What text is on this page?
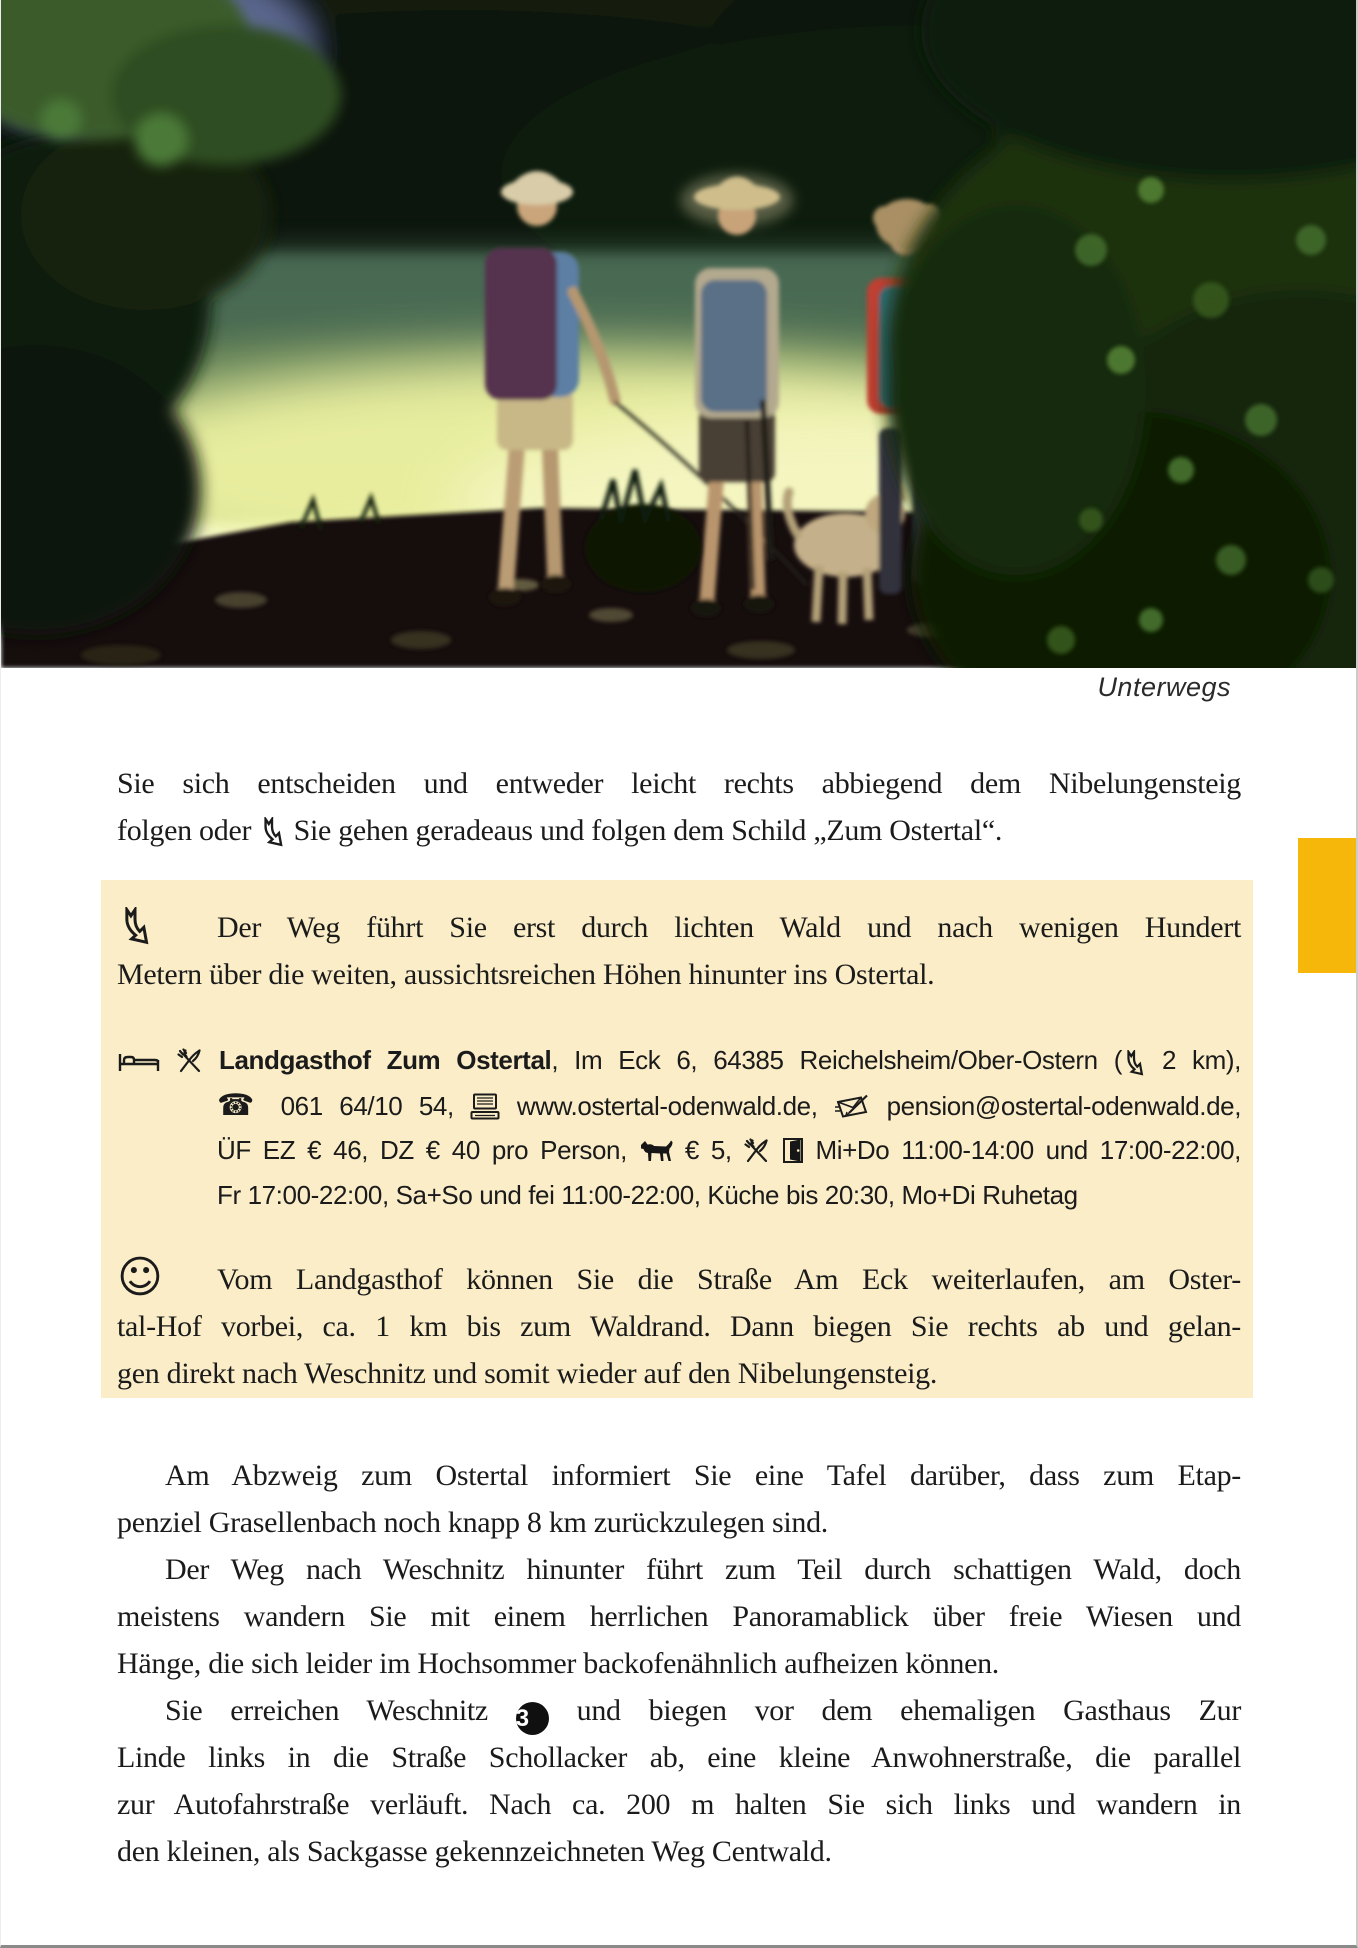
Unterwegs
Sie sich entscheiden und entweder leicht rechts abbiegend dem Nibelungensteig
folgen oder Sie gehen geradeaus und folgen dem Schild „Zum Ostertal“.
Der Weg führt Sie erst durch lichten Wald und nach wenigen Hundert
Metern über die weiten, aussichtsreichen Höhen hinunter ins Ostertal.

Landgasthof Zum Ostertal, Im Eck 6, 64385 Reichelsheim/Ober-Ostern ( 2 km),
☎ 061 64/10 54, www.ostertal-odenwald.de,	pension@ostertal-odenwald.de,
ÜF EZ € 46, DZ € 40 pro Person, € 5,
	Mi+Do 11:00-14:00 und 17:00-22:00,
Fr 17:00-22:00, Sa+So und fei 11:00-22:00, Küche bis 20:30, Mo+Di Ruhetag
☺ Vom Landgasthof können Sie die Straße Am Eck weiterlaufen, am Oster-
tal-Hof vorbei, ca. 1 km bis zum Waldrand. Dann biegen Sie rechts ab und gelan-
gen direkt nach Weschnitz und somit wieder auf den Nibelungensteig.
Am Abzweig zum Ostertal informiert Sie eine Tafel darüber, dass zum Etap-
penziel Grasellenbach noch knapp 8 km zurückzulegen sind.
Der Weg nach Weschnitz hinunter führt zum Teil durch schattigen Wald, doch
meistens wandern Sie mit einem herrlichen Panoramablick über freie Wiesen und
Hänge, die sich leider im Hochsommer backofenähnlich aufheizen können.
Sie erreichen Weschnitz 3 und biegen vor dem ehemaligen Gasthaus Zur
Linde links in die Straße Schollacker ab, eine kleine Anwohnerstraße, die parallel
zur Autofahrstraße verläuft. Nach ca. 200 m halten Sie sich links und wandern in
den kleinen, als Sackgasse gekennzeichneten Weg Centwald.
